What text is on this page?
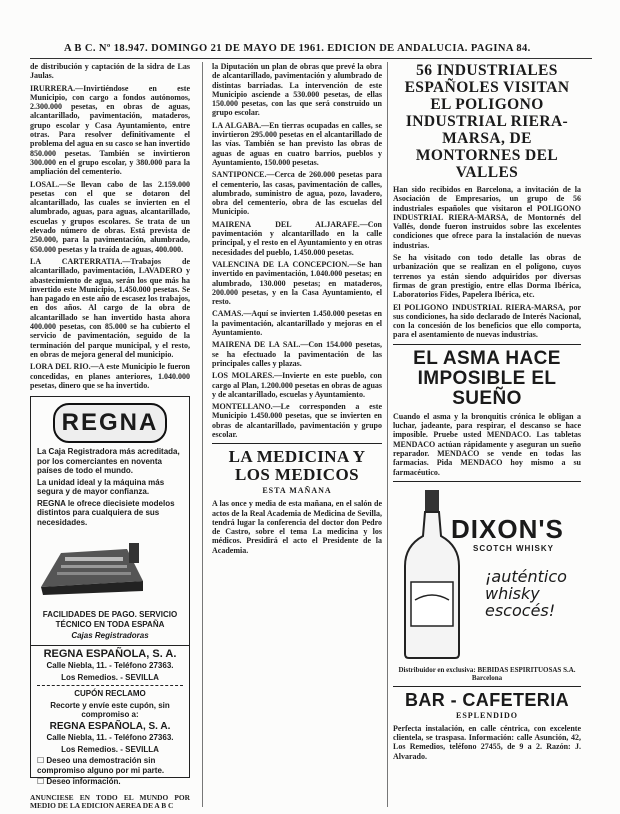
A B C. Nº 18.947. DOMINGO 21 DE MAYO DE 1961. EDICION DE ANDALUCIA. PAGINA 84.

de distribución y captación de la sidra de Las Jaulas.

IRURRERA.—Invirtiéndose en este Municipio, con cargo a fondos autónomos, 2.300.000 pesetas, en obras de aguas, alcantarillado, pavimentación, mataderos, grupo escolar y Casa Ayuntamiento, entre otras. Para resolver definitivamente el problema del agua en su casco se han invertido 850.000 pesetas. También se invirtieron 300.000 en el grupo escolar, y 380.000 para la ampliación del cementerio.

LOSAL.—Se llevan cabo de las 2.159.000 pesetas con el que se dotaron del alcantarillado, las cuales se invierten en el alumbrado, aguas, para aguas, alcantarillado, escuelas y grupos escolares. Se trata de un elevado número de obras. Está prevista de 250.000, para la pavimentación, alumbrado, 650.000 pesetas y la traída de aguas, 400.000.

LA CARTERRATIA.—Trabajos de alcantarillado, pavimentación, LAVADERO y abastecimiento de agua, serán los que más ha invertido este Municipio, 1.450.000 pesetas. Se han pagado en este año de escasez los trabajos, en dos años. Al cargo de la obra de alcantarillado se han invertido hasta ahora 400.000 pesetas, con 85.000 se ha cubierto el servicio de pavimentación, seguido de la terminación del parque municipal, y el resto, en obras de mejora general del municipio.

LORA DEL RIO.—A este Municipio le fueron concedidas, en planes anteriores, 1.040.000 pesetas, dinero que se ha invertido.

REGNA

La Caja Registradora más acreditada, por los comerciantes en noventa países de todo el mundo.

La unidad ideal y la máquina más segura y de mayor confianza.

REGNA le ofrece diecisiete modelos distintos para cualquiera de sus necesidades.

FACILIDADES DE PAGO. SERVICIO TÉCNICO EN TODA ESPAÑA

Cajas Registradoras

REGNA ESPAÑOLA, S. A.

Calle Niebla, 11. - Teléfono 27363.

Los Remedios. - SEVILLA

CUPÓN RECLAMO

Recorte y envíe este cupón, sin compromiso a:

REGNA ESPAÑOLA, S. A.

Calle Niebla, 11. - Teléfono 27363.

Los Remedios. - SEVILLA

☐ Deseo una demostración sin compromiso alguno por mi parte.

☐ Deseo información.

ANUNCIESE EN TODO EL MUNDO POR MEDIO DE LA EDICION AEREA DE A B C

la Diputación un plan de obras que prevé la obra de alcantarillado, pavimentación y alumbrado de distintas barriadas. La intervención de este Municipio asciende a 530.000 pesetas, de ellas 150.000 pesetas, con las que será construido un grupo escolar.

LA ALGABA.—En tierras ocupadas en calles, se invirtieron 295.000 pesetas en el alcantarillado de las vías. También se han previsto las obras de aguas de aguas en cuatro barrios, pueblos y Ayuntamiento, 150.000 pesetas.

SANTIPONCE.—Cerca de 260.000 pesetas para el cementerio, las casas, pavimentación de calles, alumbrado, suministro de agua, pozo, lavadero, obra del cementerio, obra de las escuelas del Municipio.

MAIRENA DEL ALJARAFE.—Con pavimentación y alcantarillado en la calle principal, y el resto en el Ayuntamiento y en otras necesidades del pueblo, 1.450.000 pesetas.

VALENCINA DE LA CONCEPCION.—Se han invertido en pavimentación, 1.040.000 pesetas; en alumbrado, 130.000 pesetas; en mataderos, 200.000 pesetas, y en la Casa Ayuntamiento, el resto.

CAMAS.—Aquí se invierten 1.450.000 pesetas en la pavimentación, alcantarillado y mejoras en el Ayuntamiento.

MAIRENA DE LA SAL.—Con 154.000 pesetas, se ha efectuado la pavimentación de las principales calles y plazas.

LOS MOLARES.—Invierte en este pueblo, con cargo al Plan, 1.200.000 pesetas en obras de aguas y de alcantarillado, escuelas y Ayuntamiento.

MONTELLANO.—Le corresponden a este Municipio 1.450.000 pesetas, que se invierten en obras de alcantarillado, pavimentación y grupo escolar.

LA MEDICINA Y LOS MEDICOS

ESTA MAÑANA

A las once y media de esta mañana, en el salón de actos de la Real Academia de Medicina de Sevilla, tendrá lugar la conferencia del doctor don Pedro de Castro, sobre el tema La medicina y los médicos. Presidirá el acto el Presidente de la Academia.

56 INDUSTRIALES ESPAÑOLES VISITAN EL POLIGONO INDUSTRIAL RIERA-MARSA, DE MONTORNES DEL VALLES

Han sido recibidos en Barcelona, a invitación de la Asociación de Empresarios, un grupo de 56 industriales españoles que visitaron el POLIGONO INDUSTRIAL RIERA-MARSA, de Montornés del Vallés, donde fueron instruidos sobre las excelentes condiciones que ofrece para la instalación de nuevas industrias.

Se ha visitado con todo detalle las obras de urbanización que se realizan en el polígono, cuyos terrenos ya están siendo adquiridos por diversas firmas de gran prestigio, entre ellas Dorma Ibérica, Laboratorios Fides, Papelera Ibérica, etc.

El POLIGONO INDUSTRIAL RIERA-MARSA, por sus condiciones, ha sido declarado de Interés Nacional, con la concesión de los beneficios que ello comporta, para el asentamiento de nuevas industrias.

EL ASMA HACE IMPOSIBLE EL SUEÑO

Cuando el asma y la bronquitis crónica le obligan a luchar, jadeante, para respirar, el descanso se hace imposible. Pruebe usted MENDACO. Las tabletas MENDACO actúan rápidamente y aseguran un sueño reparador. MENDACO se vende en todas las farmacias. Pida MENDACO hoy mismo a su farmacéutico.

DIXON'S
SCOTCH WHISKY
¡auténtico whisky escocés!

Distribuidor en exclusiva: BEBIDAS ESPIRITUOSAS S.A. Barcelona

BAR - CAFETERIA

ESPLENDIDO

Perfecta instalación, en calle céntrica, con excelente clientela, se traspasa. Información: calle Asunción, 42, Los Remedios, teléfono 27455, de 9 a 2. Razón: J. Alvarado.
